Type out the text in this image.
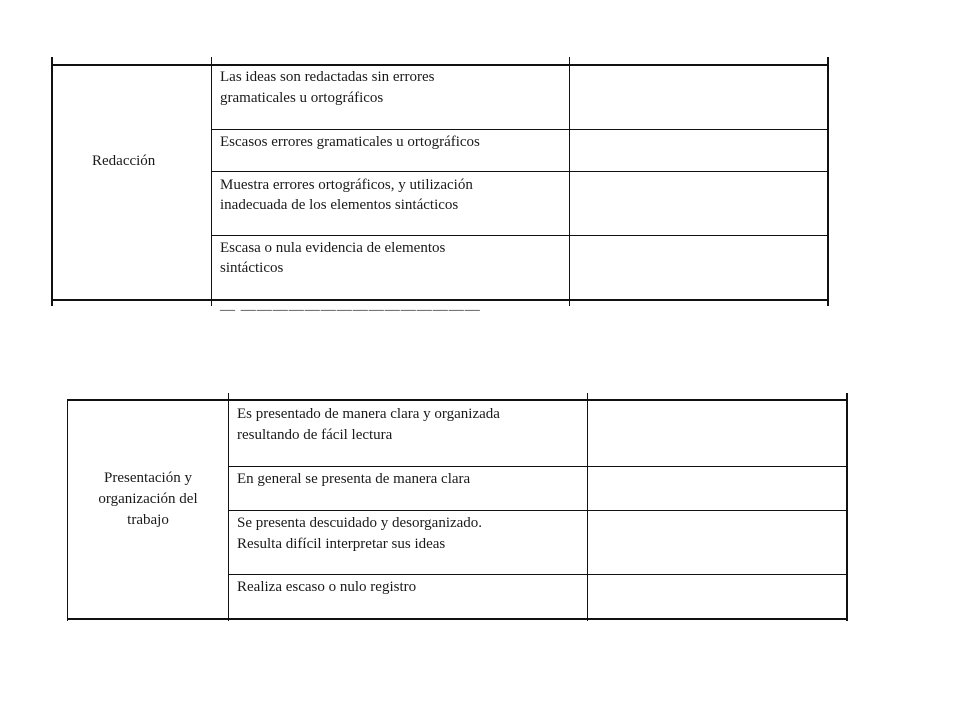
Redacción
Las ideas son redactadas sin errores
gramaticales u ortográficos
Escasos errores gramaticales u ortográficos
Muestra errores ortográficos, y utilización
inadecuada de los elementos sintácticos
Escasa o nula evidencia de elementos
sintácticos
— ———————————————
Presentación y
organización del
trabajo
Es presentado de manera clara y organizada
resultando de fácil lectura
En general se presenta de manera clara
Se presenta descuidado y desorganizado.
Resulta difícil interpretar sus ideas
Realiza escaso o nulo registro
